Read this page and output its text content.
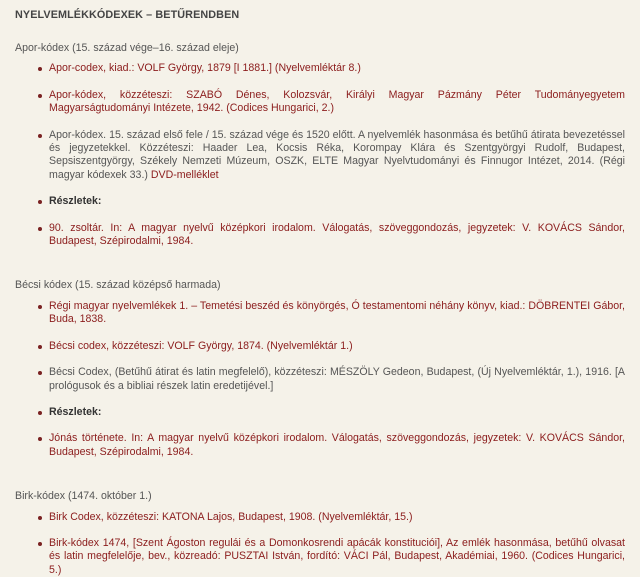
NYELVEMLÉKKÓDEXEK – BETŰRENDBEN
Apor-kódex (15. század vége–16. század eleje)
Apor-codex, kiad.: VOLF György, 1879 [I 1881.] (Nyelvemléktár 8.)
Apor-kódex, közzéteszi: SZABÓ Dénes, Kolozsvár, Királyi Magyar Pázmány Péter Tudományegyetem Magyarságtudományi Intézete, 1942. (Codices Hungarici, 2.)
Apor-kódex. 15. század első fele / 15. század vége és 1520 előtt. A nyelvemlék hasonmása és betűhű átirata bevezetéssel és jegyzetekkel. Közzéteszi: Haader Lea, Kocsis Réka, Korompay Klára és Szentgyörgyi Rudolf, Budapest, Sepsiszentgyörgy, Székely Nemzeti Múzeum, OSZK, ELTE Magyar Nyelvtudományi és Finnugor Intézet, 2014. (Régi magyar kódexek 33.) DVD-melléklet
Részletek:
90. zsoltár. In: A magyar nyelvű középkori irodalom. Válogatás, szöveggondozás, jegyzetek: V. KOVÁCS Sándor, Budapest, Szépirodalmi, 1984.
Bécsi kódex (15. század középső harmada)
Régi magyar nyelvemlékek 1. – Temetési beszéd és könyörgés, Ó testamentomi néhány könyv, kiad.: DÖBRENTEI Gábor, Buda, 1838.
Bécsi codex, közzéteszi: VOLF György, 1874. (Nyelvemléktár 1.)
Bécsi Codex, (Betűhű átirat és latin megfelelő), közzéteszi: MÉSZÖLY Gedeon, Budapest, (Új Nyelvemléktár, 1.), 1916. [A prológusok és a bibliai részek latin eredetijével.]
Részletek:
Jónás története. In: A magyar nyelvű középkori irodalom. Válogatás, szöveggondozás, jegyzetek: V. KOVÁCS Sándor, Budapest, Szépirodalmi, 1984.
Birk-kódex (1474. október 1.)
Birk Codex, közzéteszi: KATONA Lajos, Budapest, 1908. (Nyelvemléktár, 15.)
Birk-kódex 1474, [Szent Ágoston regulái és a Domonkosrendi apácák konstituciói], Az emlék hasonmása, betűhű olvasat és latin megfelelője, bev., közreadó: PUSZTAI István, fordító: VÁCI Pál, Budapest, Akadémiai, 1960. (Codices Hungarici, 5.)
